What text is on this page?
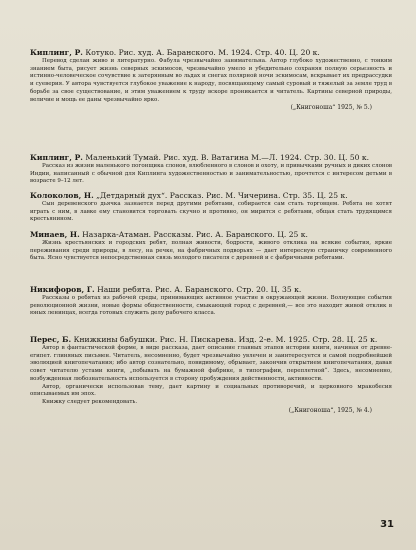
Киплинг, Р. Котуко. Рис. худ. А. Баранского. М. 1924. Стр. 40. Ц. 20 к.

Перевод сделан живо и литературно. Фабула чрезвычайно занимательна. Автор глубоко художественно, с тонким знанием быта, рисует жизнь северных эскимосов, чрезвычайно умело и убедительно сохраняя полную серьезность и истинно-человеческое сочувствие к затерянным во льдах и снегах полярной ночи эскимосам, вскрывает их предрассудки и суеверия. У автора чувствуется глубокое уважение к народу, посвящающему самый суровый и тяжелый за земле труд в борьбе за свое существование, и этим уважением к труду вскоре проникается и читатель. Картины северной природы, величие и мощь ее даны чрезвычайно ярко.

(„Книгоноша“ 1925, № 5.)

Киплинг, Р. Маленький Тумай. Рис. худ. В. Ватагина М.—Л. 1924. Стр. 30. Ц. 50 к.

Рассказ из жизни маленького погонщика слонов, влюбленного в слонов и охоту, и привычками ручных и диких слонов Индии, написанный с обычной для Киплинга художественностью и занимательностью, прочтется с интересом детьми в возрасте 9–12 лет.

Колоколов, Н. „Детдарный дух“. Рассказ. Рис. М. Чичерина. Стр. 35. Ц. 25 к.

Сын деревенского дьячка зазнается перед другими ребятами, собирается сам стать торговцем. Ребята не хотят играть с ним, в лавке ему становится торговать скучно и противно, он мирится с ребятами, общая стать трудящимся крестьянином.

Минаев, Н. Назарка-Атаман. Рассказы. Рис. А. Баранского. Ц. 25 к.

Жизнь крестьянских и городских ребят, полная живости, бодрости, живого отклика на всякие события, яркие переживания среди природы, в лесу, на речке, на фабричных подворьях — дает интересную страничку современного быта. Ясно чувствуется непосредственная связь молодого писателя с деревней и с фабричными ребятами.

Никифоров, Г. Наши ребята. Рис. А. Баранского. Стр. 20. Ц. 35 к.

Рассказы о ребятах из рабочей среды, принимающих активное участие в окружающей жизни. Волнующие события революционной жизни, новые формы общественности, смыкающей город с деревней,— все это находит живой отклик в юных ленинцах, всегда готовых служить делу рабочего класса.

Перес, Б. Книжкины бабушки. Рис. Н. Пискарева. Изд. 2-е. М. 1925. Стр. 28. Ц. 25 к.

Автор в фантастической форме, в виде рассказа, дает описание главных этапов истории книги, начиная от древне-египет. глиняных письмен. Читатель, несомненно, будет чрезвычайно увлечен и заинтересуется и самой подробнейшей эволюцией книгопечатания; ибо автор сознательно, повидимому, обрывает, закончив открытием книгопечатания, давая совет читателю устами книги, „побывать на бумажной фабрике, в типографии, переплетной“. Здесь, несомненно, возбужденная любознательность используется в сторону пробуждения действенности, активности.

Автор, органически использовав тему, дает картину и социальных противоречий, и церковного мракобесия описываемых им эпох.

Книжку следует рекомендовать.

(„Книгоноша“, 1925, № 4.)

31
